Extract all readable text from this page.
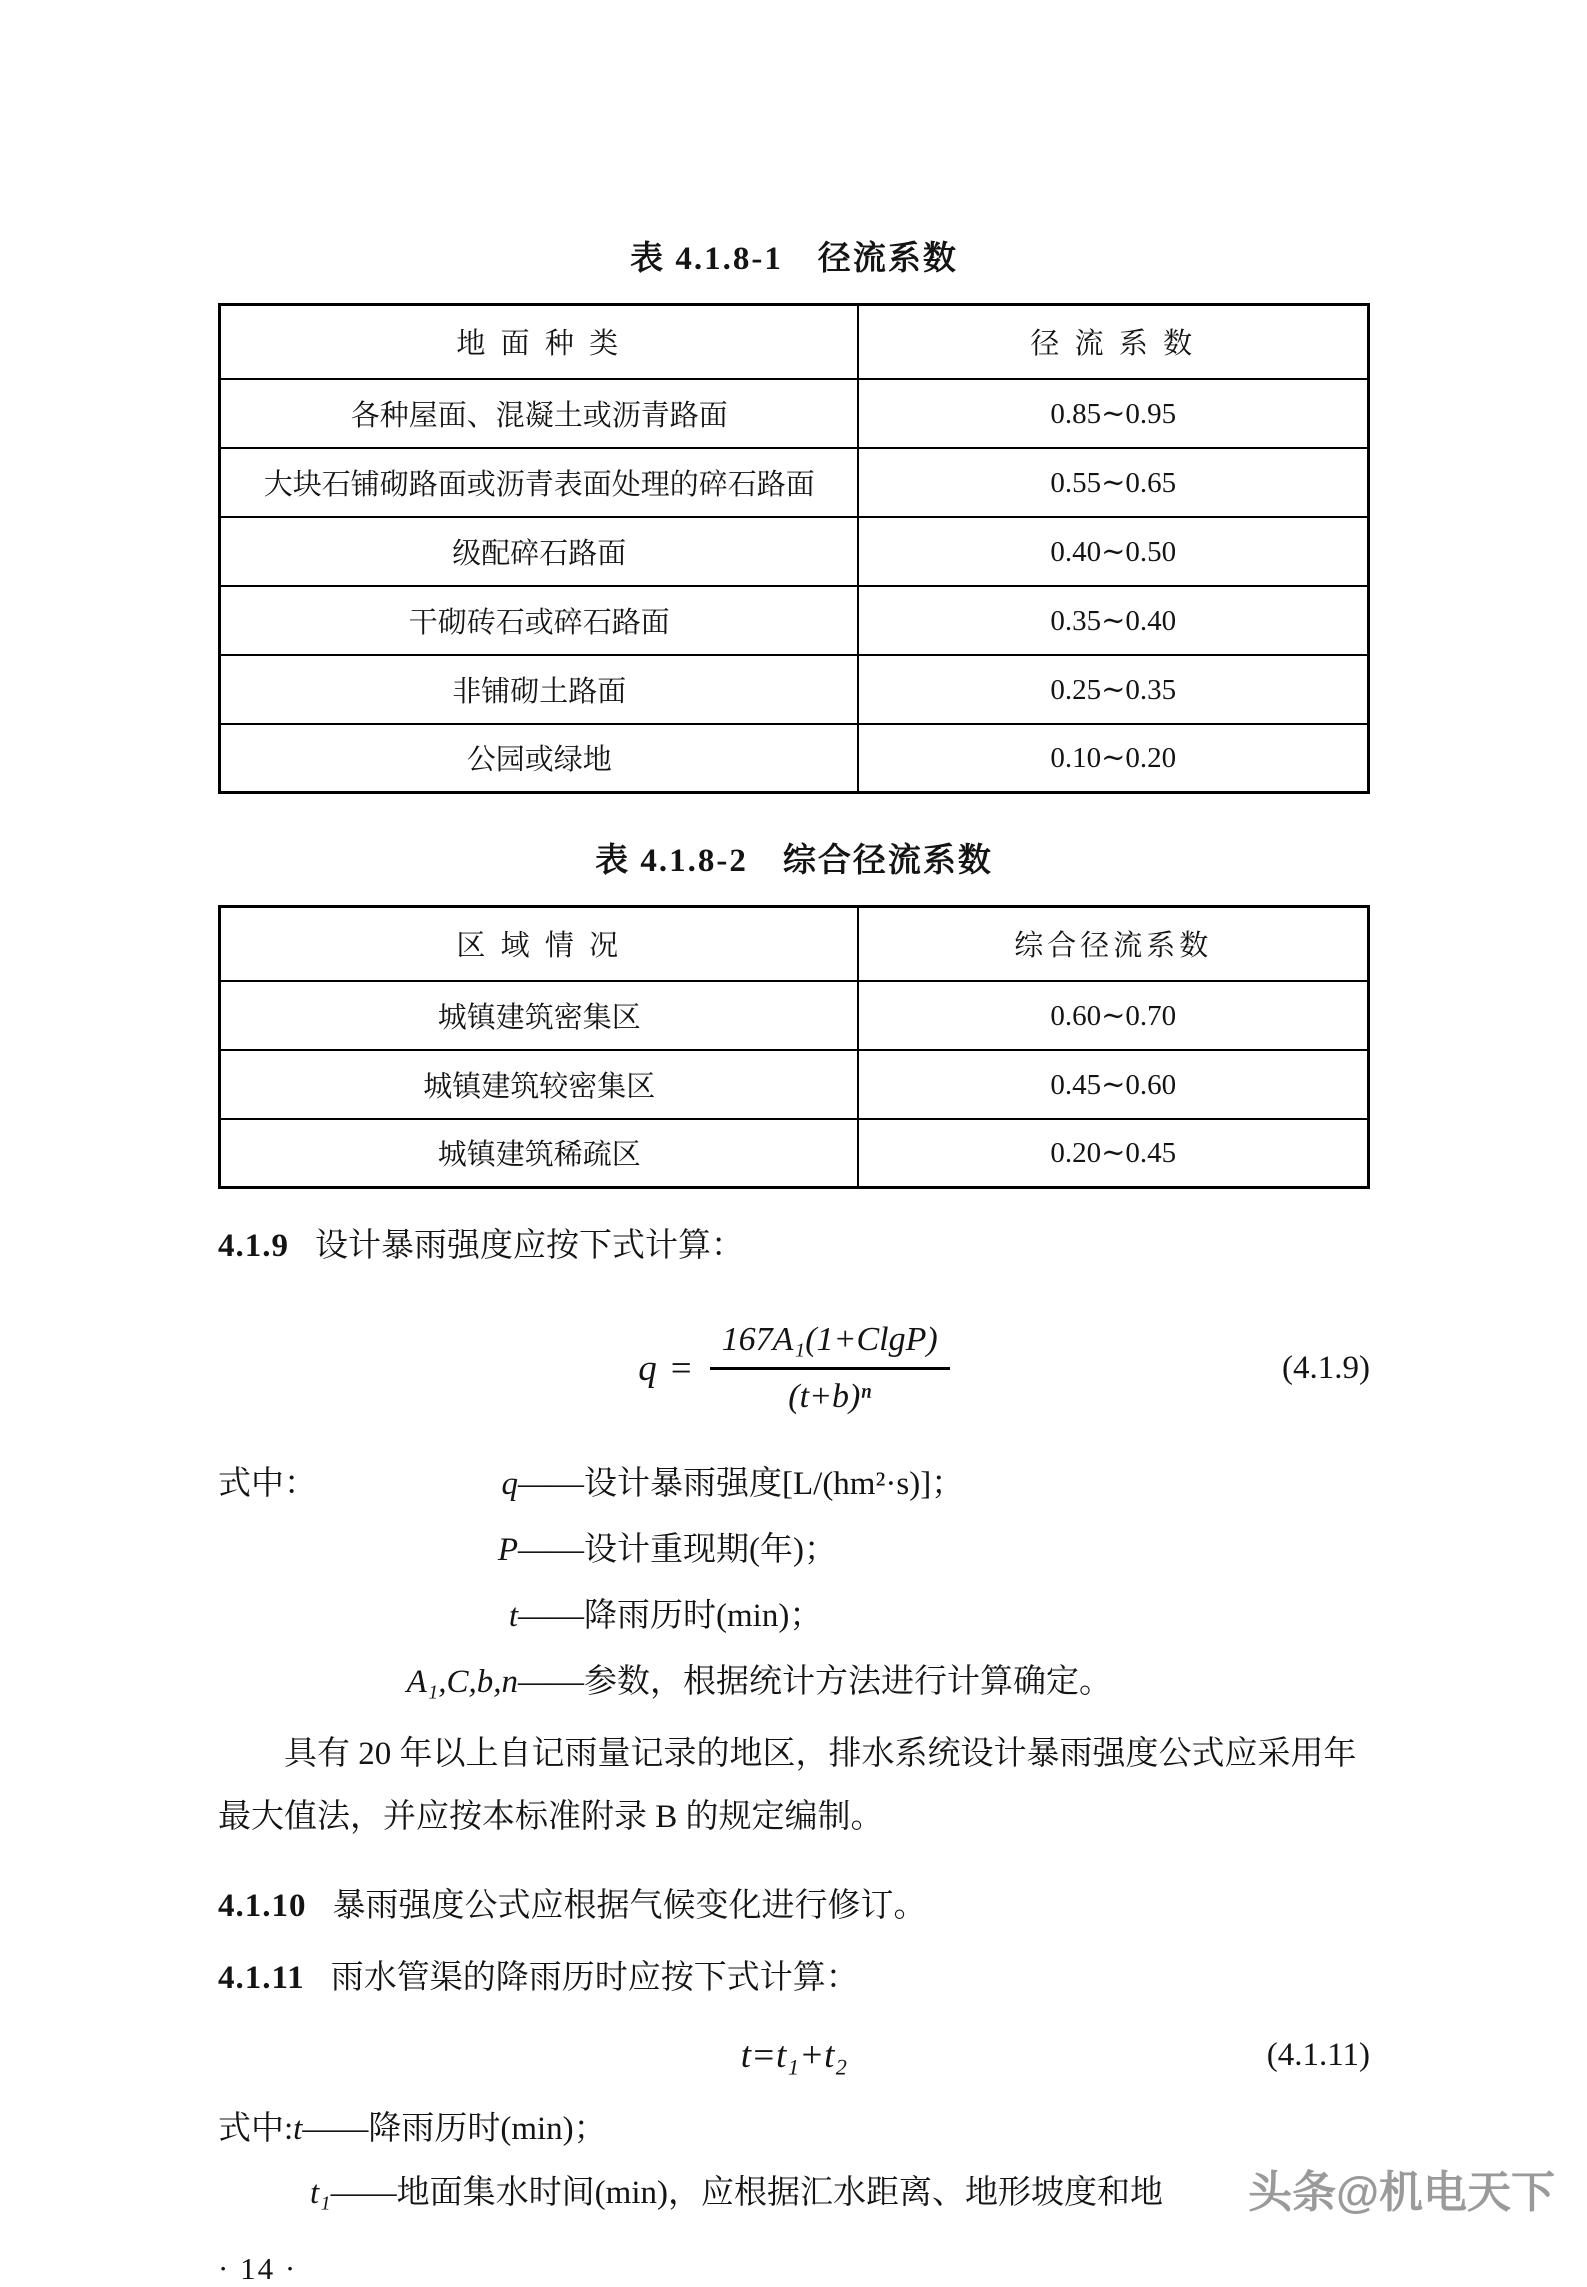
表 4.1.8-1　径流系数
地 面 种 类	径 流 系 数
各种屋面、混凝土或沥青路面	0.85∼0.95
大块石铺砌路面或沥青表面处理的碎石路面	0.55∼0.65
级配碎石路面	0.40∼0.50
干砌砖石或碎石路面	0.35∼0.40
非铺砌土路面	0.25∼0.35
公园或绿地	0.10∼0.20
表 4.1.8-2　综合径流系数
区 域 情 况	综合径流系数
城镇建筑密集区	0.60∼0.70
城镇建筑较密集区	0.45∼0.60
城镇建筑稀疏区	0.20∼0.45
4.1.9 设计暴雨强度应按下式计算：
$q = \frac{\text{167A₁(1+ClgP)}}{\text{(t+b)ⁿ}}$	(4.1.9)
式中：	q ——设计暴雨强度[L/(hm²·s)]；
P ——设计重现期(年)；
t ——降雨历时(min)；
A₁,C,b,n ——参数，根据统计方法进行计算确定。
具有 20 年以上自记雨量记录的地区，排水系统设计暴雨强度公式应采用年最大值法，并应按本标准附录 B 的规定编制。
4.1.10 暴雨强度公式应根据气候变化进行修订。
4.1.11 雨水管渠的降雨历时应按下式计算：
t=t₁+t₂	(4.1.11)
式中:t——降雨历时(min)；
t₁——地面集水时间(min)，应根据汇水距离、地形坡度和地
· 14 ·
头条@机电天下
